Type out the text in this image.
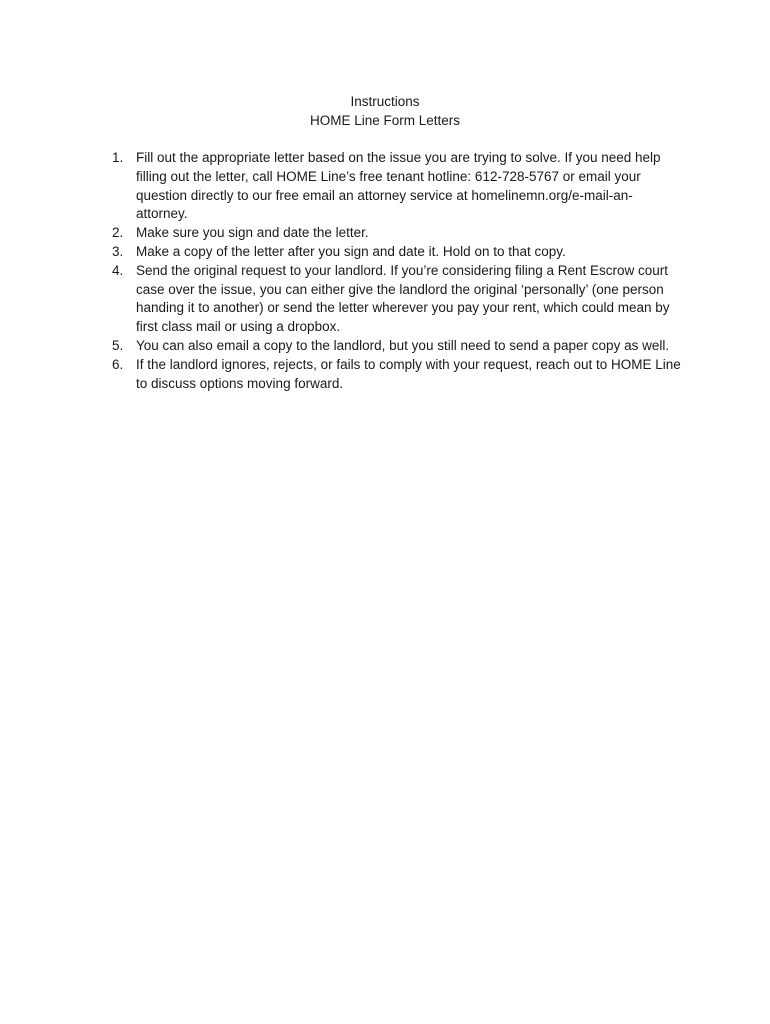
Instructions
HOME Line Form Letters
1. Fill out the appropriate letter based on the issue you are trying to solve. If you need help filling out the letter, call HOME Line’s free tenant hotline: 612-728-5767 or email your question directly to our free email an attorney service at homelinemn.org/e-mail-an-attorney.
2. Make sure you sign and date the letter.
3. Make a copy of the letter after you sign and date it. Hold on to that copy.
4. Send the original request to your landlord. If you’re considering filing a Rent Escrow court case over the issue, you can either give the landlord the original ‘personally’ (one person handing it to another) or send the letter wherever you pay your rent, which could mean by first class mail or using a dropbox.
5. You can also email a copy to the landlord, but you still need to send a paper copy as well.
6. If the landlord ignores, rejects, or fails to comply with your request, reach out to HOME Line to discuss options moving forward.
